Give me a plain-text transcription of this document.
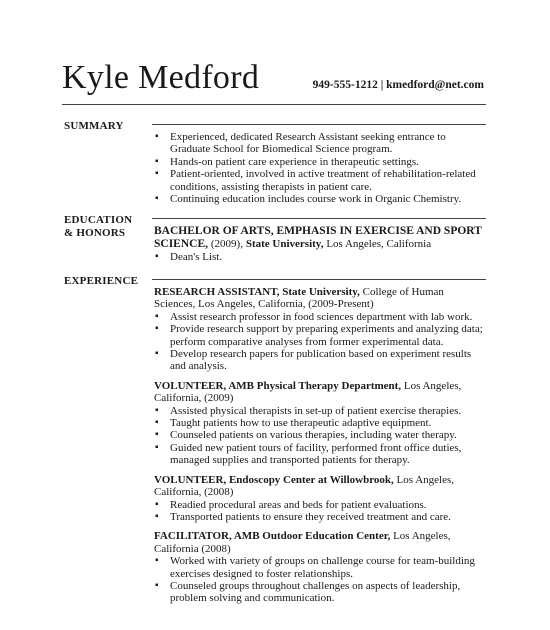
Kyle Medford	949-555-1212 | kmedford@net.com
SUMMARY
▪ Experienced, dedicated Research Assistant seeking entrance to Graduate School for Biomedical Science program.
▪ Hands-on patient care experience in therapeutic settings.
▪ Patient-oriented, involved in active treatment of rehabilitation-related conditions, assisting therapists in patient care.
▪ Continuing education includes course work in Organic Chemistry.
EDUCATION
& HONORS	BACHELOR OF ARTS, EMPHASIS IN EXERCISE AND SPORT SCIENCE, (2009), State University, Los Angeles, California
▪ Dean's List.
EXPERIENCE
RESEARCH ASSISTANT, State University, College of Human Sciences, Los Angeles, California, (2009-Present)
▪ Assist research professor in food sciences department with lab work.
▪ Provide research support by preparing experiments and analyzing data; perform comparative analyses from former experimental data.
▪ Develop research papers for publication based on experiment results and analysis.
VOLUNTEER, AMB Physical Therapy Department, Los Angeles, California, (2009)
▪ Assisted physical therapists in set-up of patient exercise therapies.
▪ Taught patients how to use therapeutic adaptive equipment.
▪ Counseled patients on various therapies, including water therapy.
▪ Guided new patient tours of facility, performed front office duties, managed supplies and transported patients for therapy.
VOLUNTEER, Endoscopy Center at Willowbrook, Los Angeles, California, (2008)
▪ Readied procedural areas and beds for patient evaluations.
▪ Transported patients to ensure they received treatment and care.
FACILITATOR, AMB Outdoor Education Center, Los Angeles, California (2008)
▪ Worked with variety of groups on challenge course for team-building exercises designed to foster relationships.
▪ Counseled groups throughout challenges on aspects of leadership, problem solving and communication.
